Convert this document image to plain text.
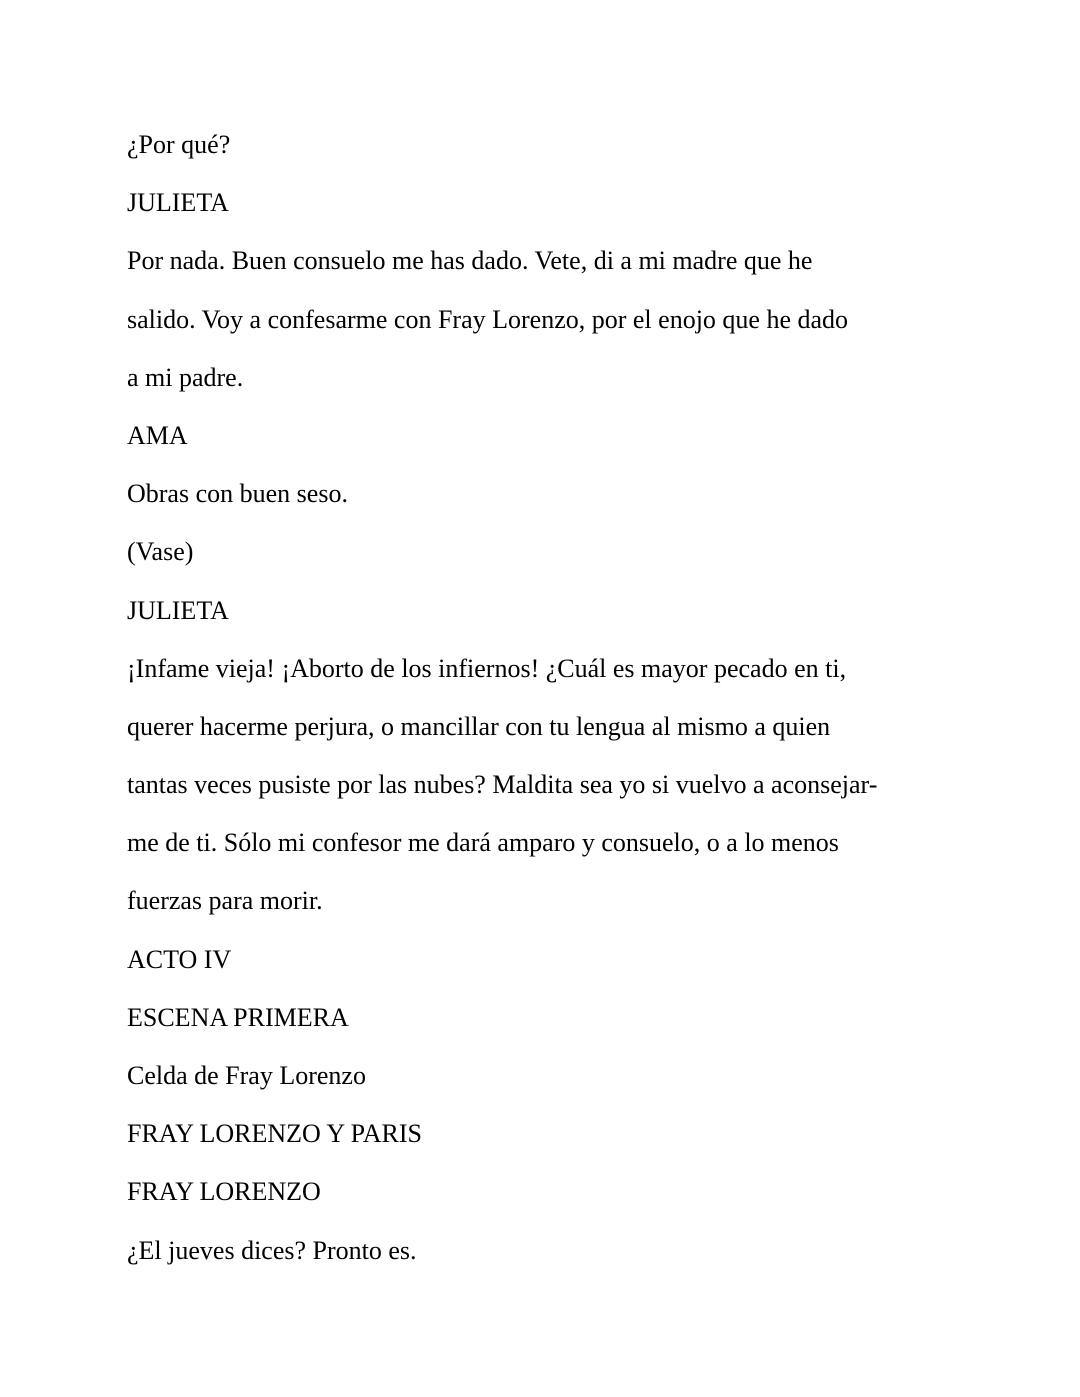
¿Por qué?

JULIETA

Por nada. Buen consuelo me has dado. Vete, di a mi madre que he

salido. Voy a confesarme con Fray Lorenzo, por el enojo que he dado

a mi padre.

AMA

Obras con buen seso.

(Vase)

JULIETA

¡Infame vieja! ¡Aborto de los infiernos! ¿Cuál es mayor pecado en ti,

querer hacerme perjura, o mancillar con tu lengua al mismo a quien

tantas veces pusiste por las nubes? Maldita sea yo si vuelvo a aconsejar-

me de ti. Sólo mi confesor me dará amparo y consuelo, o a lo menos

fuerzas para morir.

ACTO IV

ESCENA PRIMERA

Celda de Fray Lorenzo

FRAY LORENZO Y PARIS

FRAY LORENZO

¿El jueves dices? Pronto es.
